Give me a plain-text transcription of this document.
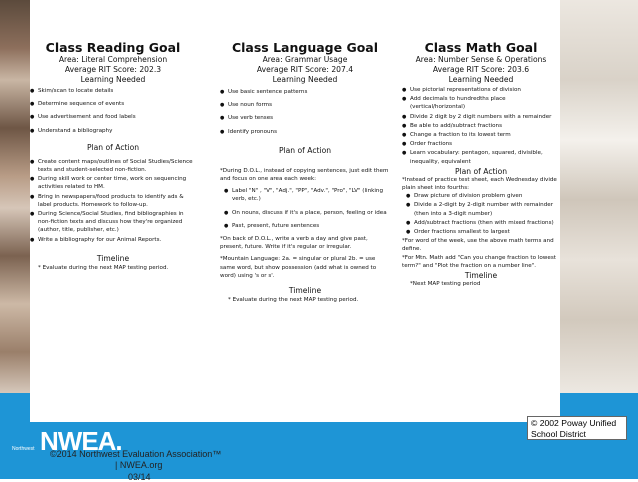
Class Reading Goal
Area: Literal Comprehension
Average RIT Score: 202.3
Learning Needed
● Skim/scan to locate details
● Determine sequence of events
● Use advertisement and food labels
● Understand a bibliography
Plan of Action
● Create content maps/outlines of Social Studies/Science texts and student-selected non-fiction.
● During skill work or center time, work on sequencing activities related to HM.
● Bring in newspapers/food products to identify ads & label products. Homework to follow-up.
● During Science/Social Studies, find bibliographies in non-fiction texts and discuss how they're organized (author, title, publisher, etc.)
● Write a bibliography for our Animal Reports.
Timeline
* Evaluate during the next MAP testing period.
Class Language Goal
Area: Grammar Usage
Average RIT Score: 207.4
Learning Needed
● Use basic sentence patterns
● Use noun forms
● Use verb tenses
● Identify pronouns
Plan of Action
*During D.O.L., instead of copying sentences, just edit them and focus on one area each week:
● Label "N" , "V", "Adj.", "PP", "Adv.", "Pro", "LV" (linking verb, etc.)
● On nouns, discuss if it's a place, person, feeling or idea
● Past, present, future sentences
*On back of D.O.L., write a verb a day and give past, present, future. Write if it's regular or irregular.
*Mountain Language: 2a. = singular or plural 2b. = use same word, but show possession (add what is owned to word) using 's or s'.
Timeline
* Evaluate during the next MAP testing period.
Class Math Goal
Area: Number Sense & Operations
Average RIT Score: 203.6
Learning Needed
● Use pictorial representations of division
● Add decimals to hundredths place (vertical/horizontal)
● Divide 2 digit by 2 digit numbers with a remainder
● Be able to add/subtract fractions
● Change a fraction to its lowest term
● Order fractions
● Learn vocabulary: pentagon, squared, divisible, inequality, equivalent
Plan of Action
*Instead of practice test sheet, each Wednesday divide plain sheet into fourths:
● Draw picture of division problem given
● Divide a 2-digit by 2-digit number with remainder (then into a 3-digit number)
● Add/subtract fractions (then with mixed fractions)
● Order fractions smallest to largest
*For word of the week, use the above math terms and define.
*For Mtn. Math add "Can you change fraction to lowest term?" and "Plot the fraction on a number line".
Timeline
*Next MAP testing period
NWEA.
Northwest ©2014 Northwest Evaluation Association™
| NWEA.org
03/14
© 2002 Poway Unified
School District
